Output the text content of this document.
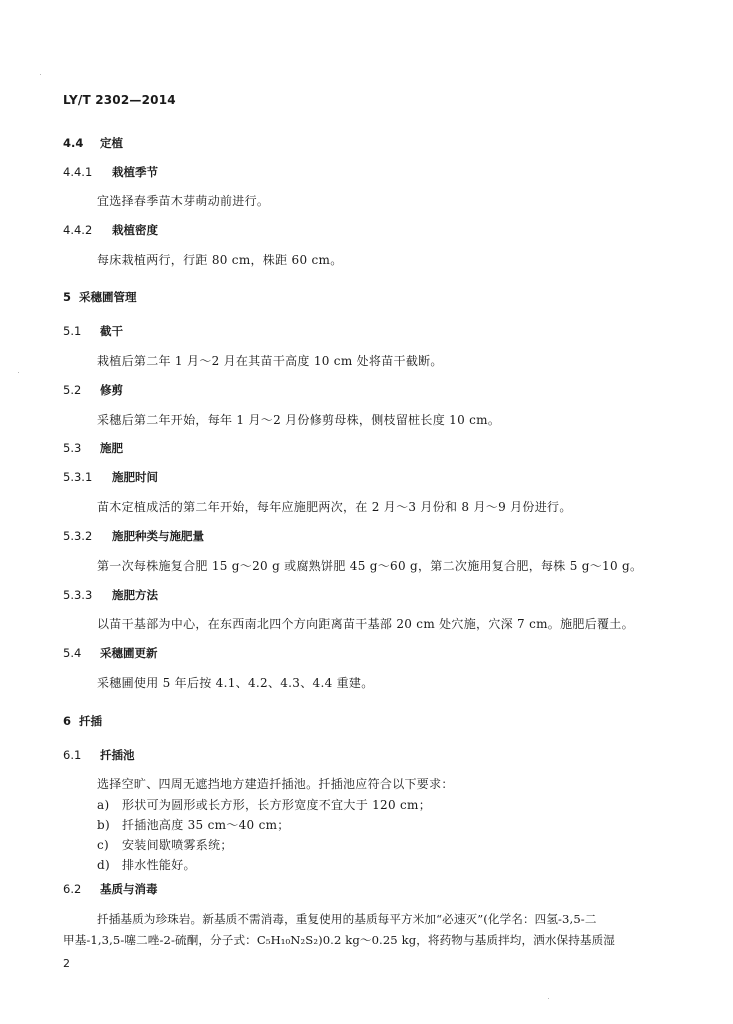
LY/T 2302—2014
4.4 定植
4.4.1 栽植季节
宜选择春季苗木芽萌动前进行。
4.4.2 栽植密度
每床栽植两行，行距 80 cm，株距 60 cm。
5 采穗圃管理
5.1 截干
栽植后第二年 1 月～2 月在其苗干高度 10 cm 处将苗干截断。
5.2 修剪
采穗后第二年开始，每年 1 月～2 月份修剪母株，侧枝留桩长度 10 cm。
5.3 施肥
5.3.1 施肥时间
苗木定植成活的第二年开始，每年应施肥两次，在 2 月～3 月份和 8 月～9 月份进行。
5.3.2 施肥种类与施肥量
第一次每株施复合肥 15 g～20 g 或腐熟饼肥 45 g～60 g，第二次施用复合肥，每株 5 g～10 g。
5.3.3 施肥方法
以苗干基部为中心，在东西南北四个方向距离苗干基部 20 cm 处穴施，穴深 7 cm。施肥后覆土。
5.4 采穗圃更新
采穗圃使用 5 年后按 4.1、4.2、4.3、4.4 重建。
6 扦插
6.1 扦插池
选择空旷、四周无遮挡地方建造扦插池。扦插池应符合以下要求：
a) 形状可为圆形或长方形，长方形宽度不宜大于 120 cm；
b) 扦插池高度 35 cm～40 cm；
c) 安装间歇喷雾系统；
d) 排水性能好。
6.2 基质与消毒
扦插基质为珍珠岩。新基质不需消毒，重复使用的基质每平方米加“必速灭”(化学名：四氢-3,5-二
甲基-1,3,5-噻二唑-2-硫酮，分子式：C₅H₁₀N₂S₂)0.2 kg～0.25 kg，将药物与基质拌均，洒水保持基质湿
2
